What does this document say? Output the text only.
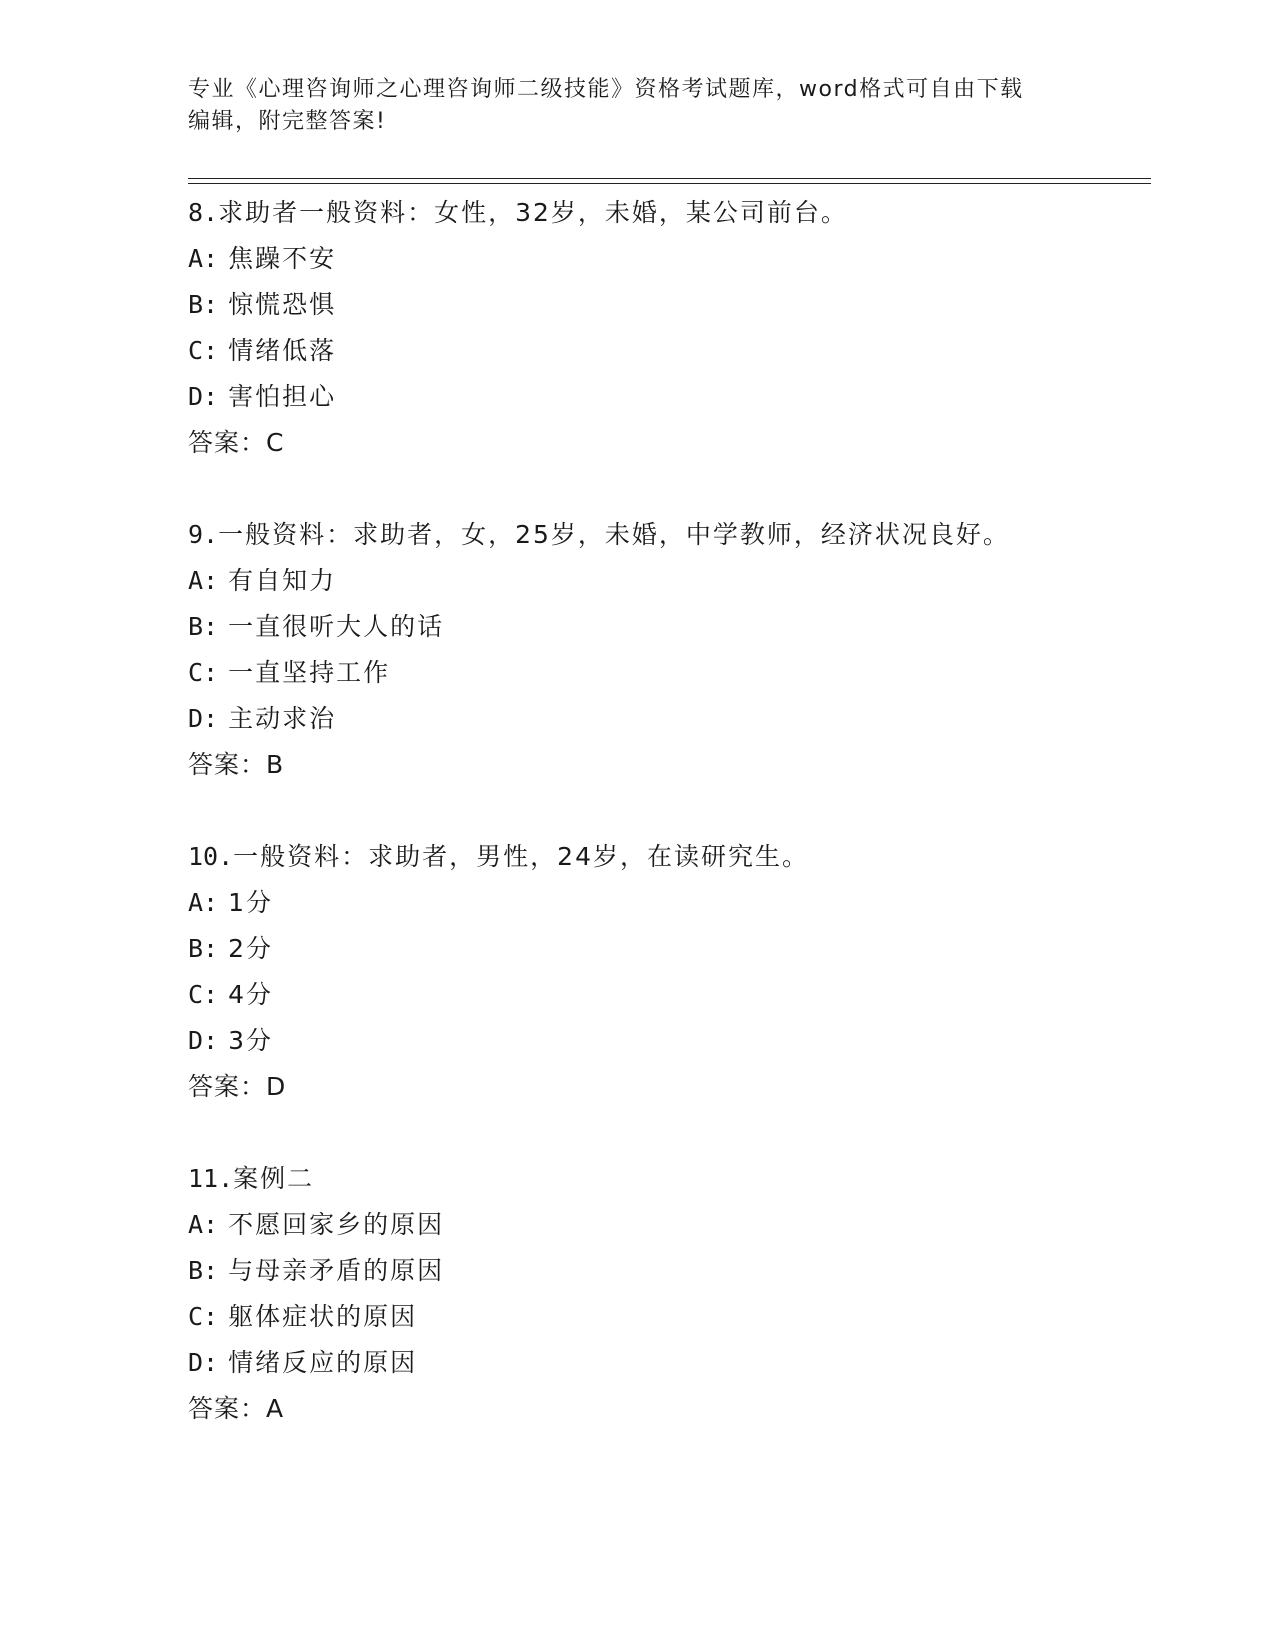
专业《心理咨询师之心理咨询师二级技能》资格考试题库，word格式可自由下载
编辑，附完整答案!
8.求助者一般资料：女性，32岁，未婚，某公司前台。
A: 焦躁不安
B: 惊慌恐惧
C: 情绪低落
D: 害怕担心
答案：C
9.一般资料：求助者，女，25岁，未婚，中学教师，经济状况良好。
A: 有自知力
B: 一直很听大人的话
C: 一直坚持工作
D: 主动求治
答案：B
10.一般资料：求助者，男性，24岁，在读研究生。
A: 1分
B: 2分
C: 4分
D: 3分
答案：D
11.案例二
A: 不愿回家乡的原因
B: 与母亲矛盾的原因
C: 躯体症状的原因
D: 情绪反应的原因
答案：A
